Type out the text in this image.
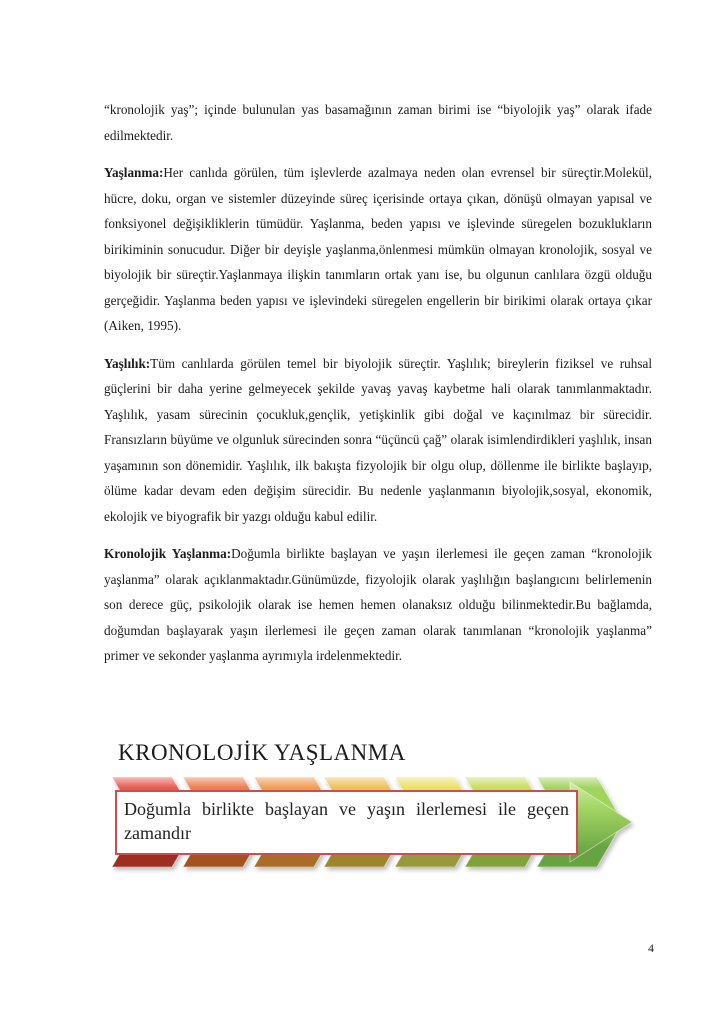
“kronolojik yaş”; içinde bulunulan yas basamağının zaman birimi ise “biyolojik yaş” olarak ifade edilmektedir.

Yaşlanma:Her canlıda görülen, tüm işlevlerde azalmaya neden olan evrensel bir süreçtir.Molekül, hücre, doku, organ ve sistemler düzeyinde süreç içerisinde ortaya çıkan, dönüşü olmayan yapısal ve fonksiyonel değişikliklerin tümüdür. Yaşlanma, beden yapısı ve işlevinde süregelen bozuklukların birikiminin sonucudur. Diğer bir deyişle yaşlanma,önlenmesi mümkün olmayan kronolojik, sosyal ve biyolojik bir süreçtir.Yaşlanmaya ilişkin tanımların ortak yanı ise, bu olgunun canlılara özgü olduğu gerçeğidir. Yaşlanma beden yapısı ve işlevindeki süregelen engellerin bir birikimi olarak ortaya çıkar (Aiken, 1995).

Yaşlılık:Tüm canlılarda görülen temel bir biyolojik süreçtir. Yaşlılık; bireylerin fiziksel ve ruhsal güçlerini bir daha yerine gelmeyecek şekilde yavaş yavaş kaybetme hali olarak tanımlanmaktadır. Yaşlılık, yasam sürecinin çocukluk,gençlik, yetişkinlik gibi doğal ve kaçınılmaz bir sürecidir. Fransızların büyüme ve olgunluk sürecinden sonra “üçüncü çağ” olarak isimlendirdikleri yaşlılık, insan yaşamının son dönemidir. Yaşlılık, ilk bakışta fizyolojik bir olgu olup, döllenme ile birlikte başlayıp, ölüme kadar devam eden değişim sürecidir. Bu nedenle yaşlanmanın biyolojik,sosyal, ekonomik, ekolojik ve biyografik bir yazgı olduğu kabul edilir.

Kronolojik Yaşlanma:Doğumla birlikte başlayan ve yaşın ilerlemesi ile geçen zaman “kronolojik yaşlanma” olarak açıklanmaktadır.Günümüzde, fizyolojik olarak yaşlılığın başlangıcını belirlemenin son derece güç, psikolojik olarak ise hemen hemen olanaksız olduğu bilinmektedir.Bu bağlamda, doğumdan başlayarak yaşın ilerlemesi ile geçen zaman olarak tanımlanan “kronolojik yaşlanma” primer ve sekonder yaşlanma ayrımıyla irdelenmektedir.

KRONOLOJİK YAŞLANMA
Doğumla birlikte başlayan ve yaşın ilerlemesi ile geçen zamandır
4
